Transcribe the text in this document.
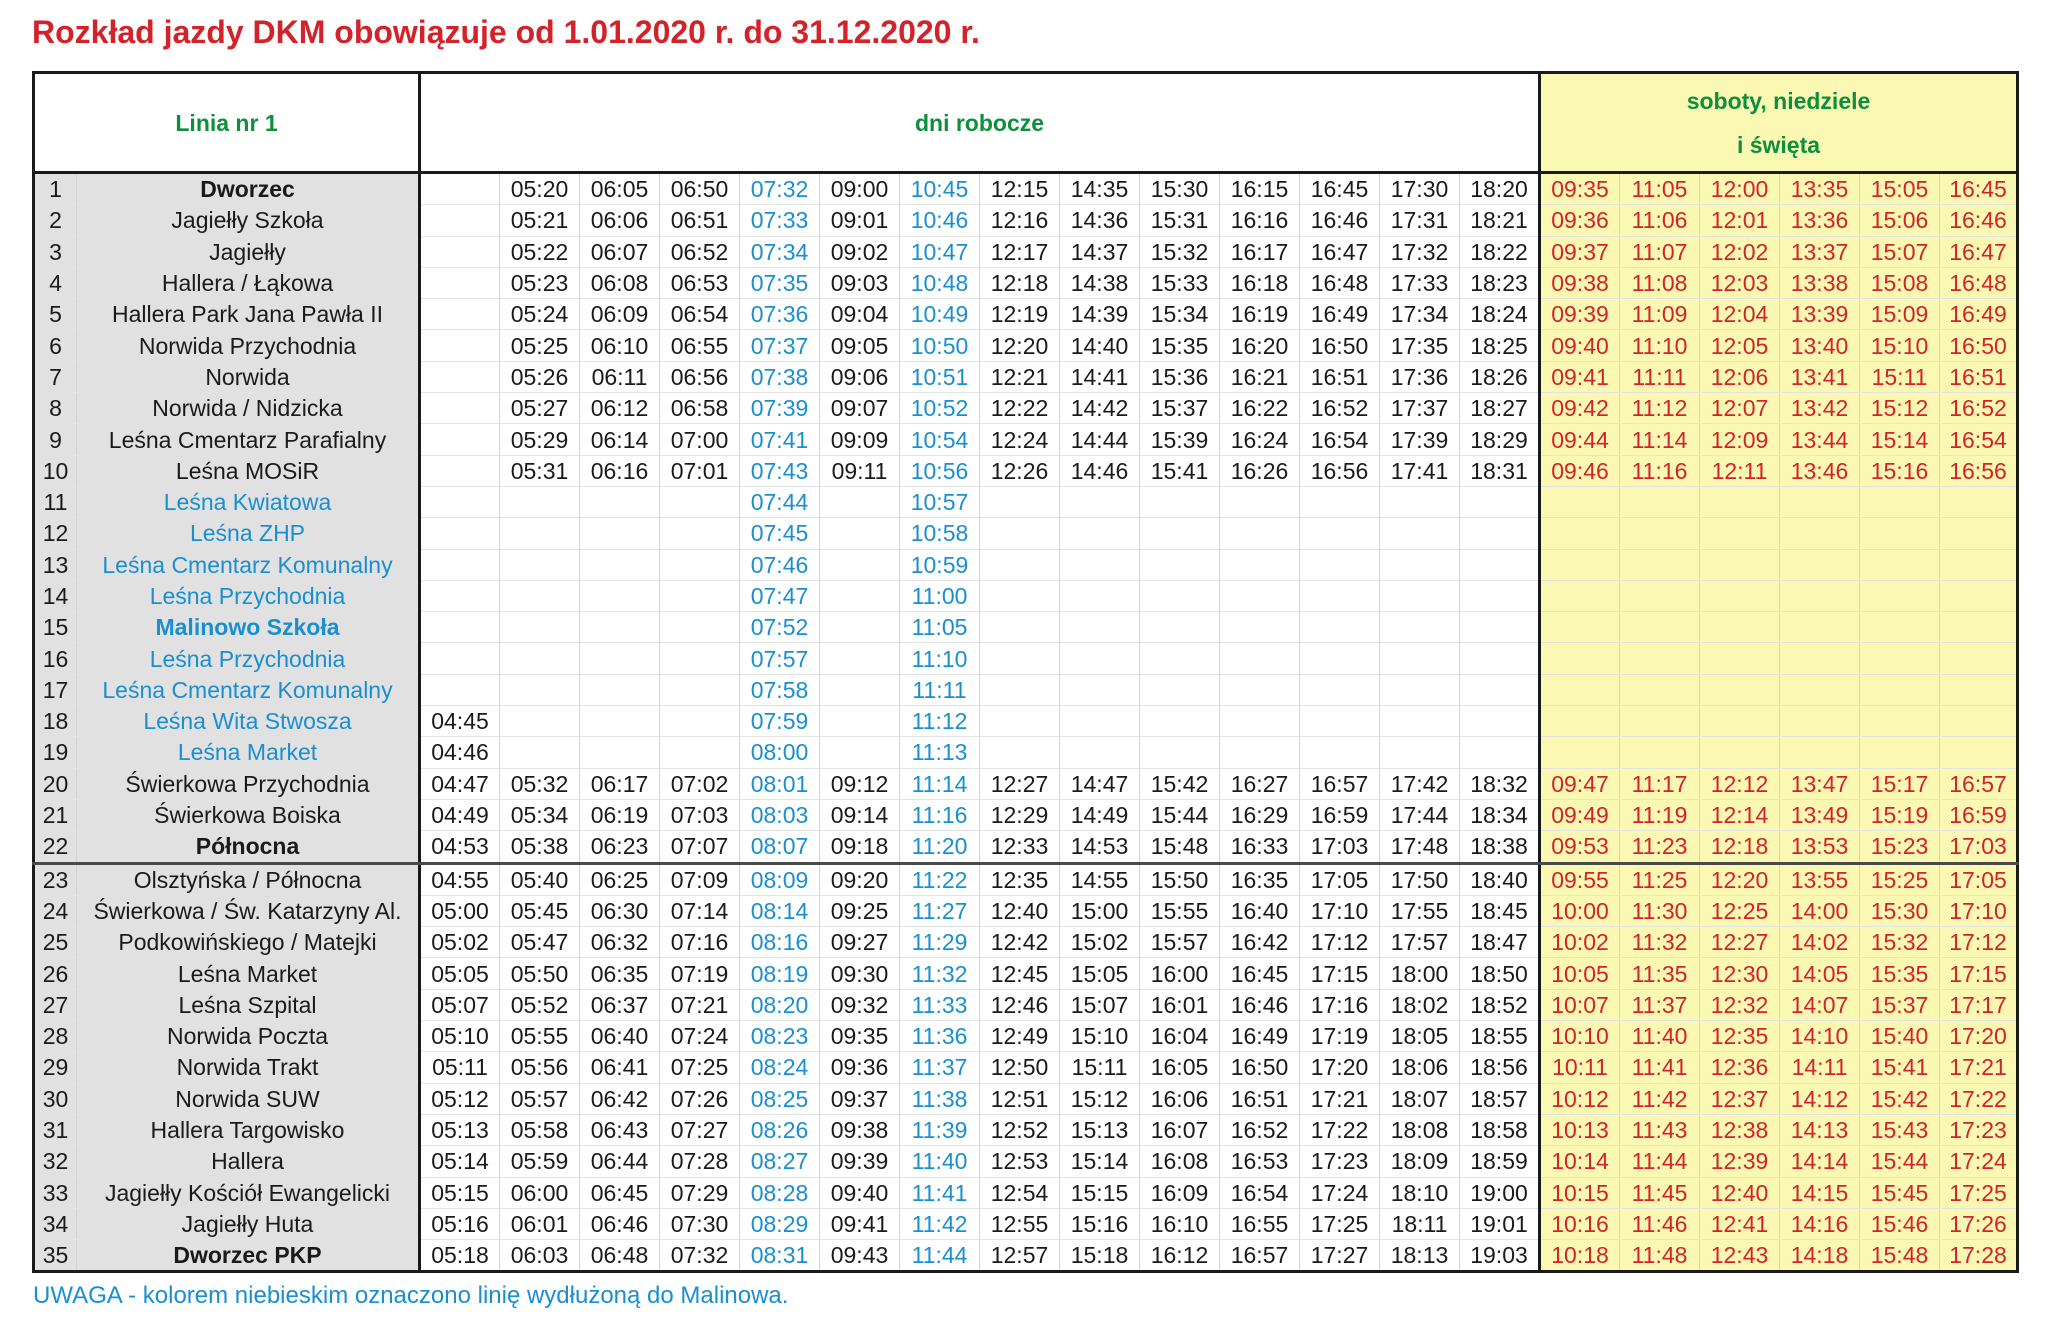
Rozkład jazdy DKM obowiązuje od 1.01.2020 r. do 31.12.2020 r.
Linia nr 1		dni robocze														soboty, niedziele
i święta					
1	Dworzec		05:20	06:05	06:50	07:32	09:00	10:45	12:15	14:35	15:30	16:15	16:45	17:30	18:20	09:35	11:05	12:00	13:35	15:05	16:45
2	Jagiełły Szkoła		05:21	06:06	06:51	07:33	09:01	10:46	12:16	14:36	15:31	16:16	16:46	17:31	18:21	09:36	11:06	12:01	13:36	15:06	16:46
3	Jagiełły		05:22	06:07	06:52	07:34	09:02	10:47	12:17	14:37	15:32	16:17	16:47	17:32	18:22	09:37	11:07	12:02	13:37	15:07	16:47
4	Hallera / Łąkowa		05:23	06:08	06:53	07:35	09:03	10:48	12:18	14:38	15:33	16:18	16:48	17:33	18:23	09:38	11:08	12:03	13:38	15:08	16:48
5	Hallera Park Jana Pawła II		05:24	06:09	06:54	07:36	09:04	10:49	12:19	14:39	15:34	16:19	16:49	17:34	18:24	09:39	11:09	12:04	13:39	15:09	16:49
6	Norwida Przychodnia		05:25	06:10	06:55	07:37	09:05	10:50	12:20	14:40	15:35	16:20	16:50	17:35	18:25	09:40	11:10	12:05	13:40	15:10	16:50
7	Norwida		05:26	06:11	06:56	07:38	09:06	10:51	12:21	14:41	15:36	16:21	16:51	17:36	18:26	09:41	11:11	12:06	13:41	15:11	16:51
8	Norwida / Nidzicka		05:27	06:12	06:58	07:39	09:07	10:52	12:22	14:42	15:37	16:22	16:52	17:37	18:27	09:42	11:12	12:07	13:42	15:12	16:52
9	Leśna Cmentarz Parafialny		05:29	06:14	07:00	07:41	09:09	10:54	12:24	14:44	15:39	16:24	16:54	17:39	18:29	09:44	11:14	12:09	13:44	15:14	16:54
10	Leśna MOSiR		05:31	06:16	07:01	07:43	09:11	10:56	12:26	14:46	15:41	16:26	16:56	17:41	18:31	09:46	11:16	12:11	13:46	15:16	16:56
11	Leśna Kwiatowa					07:44		10:57													
12	Leśna ZHP					07:45		10:58													
13	Leśna Cmentarz Komunalny					07:46		10:59													
14	Leśna Przychodnia					07:47		11:00													
15	Malinowo Szkoła					07:52		11:05													
16	Leśna Przychodnia					07:57		11:10													
17	Leśna Cmentarz Komunalny					07:58		11:11													
18	Leśna Wita Stwosza	04:45				07:59		11:12													
19	Leśna Market	04:46				08:00		11:13													
20	Świerkowa Przychodnia	04:47	05:32	06:17	07:02	08:01	09:12	11:14	12:27	14:47	15:42	16:27	16:57	17:42	18:32	09:47	11:17	12:12	13:47	15:17	16:57
21	Świerkowa Boiska	04:49	05:34	06:19	07:03	08:03	09:14	11:16	12:29	14:49	15:44	16:29	16:59	17:44	18:34	09:49	11:19	12:14	13:49	15:19	16:59
22	Północna	04:53	05:38	06:23	07:07	08:07	09:18	11:20	12:33	14:53	15:48	16:33	17:03	17:48	18:38	09:53	11:23	12:18	13:53	15:23	17:03
23	Olsztyńska / Północna	04:55	05:40	06:25	07:09	08:09	09:20	11:22	12:35	14:55	15:50	16:35	17:05	17:50	18:40	09:55	11:25	12:20	13:55	15:25	17:05
24	Świerkowa / Św. Katarzyny Al.	05:00	05:45	06:30	07:14	08:14	09:25	11:27	12:40	15:00	15:55	16:40	17:10	17:55	18:45	10:00	11:30	12:25	14:00	15:30	17:10
25	Podkowińskiego / Matejki	05:02	05:47	06:32	07:16	08:16	09:27	11:29	12:42	15:02	15:57	16:42	17:12	17:57	18:47	10:02	11:32	12:27	14:02	15:32	17:12
26	Leśna Market	05:05	05:50	06:35	07:19	08:19	09:30	11:32	12:45	15:05	16:00	16:45	17:15	18:00	18:50	10:05	11:35	12:30	14:05	15:35	17:15
27	Leśna Szpital	05:07	05:52	06:37	07:21	08:20	09:32	11:33	12:46	15:07	16:01	16:46	17:16	18:02	18:52	10:07	11:37	12:32	14:07	15:37	17:17
28	Norwida Poczta	05:10	05:55	06:40	07:24	08:23	09:35	11:36	12:49	15:10	16:04	16:49	17:19	18:05	18:55	10:10	11:40	12:35	14:10	15:40	17:20
29	Norwida Trakt	05:11	05:56	06:41	07:25	08:24	09:36	11:37	12:50	15:11	16:05	16:50	17:20	18:06	18:56	10:11	11:41	12:36	14:11	15:41	17:21
30	Norwida SUW	05:12	05:57	06:42	07:26	08:25	09:37	11:38	12:51	15:12	16:06	16:51	17:21	18:07	18:57	10:12	11:42	12:37	14:12	15:42	17:22
31	Hallera Targowisko	05:13	05:58	06:43	07:27	08:26	09:38	11:39	12:52	15:13	16:07	16:52	17:22	18:08	18:58	10:13	11:43	12:38	14:13	15:43	17:23
32	Hallera	05:14	05:59	06:44	07:28	08:27	09:39	11:40	12:53	15:14	16:08	16:53	17:23	18:09	18:59	10:14	11:44	12:39	14:14	15:44	17:24
33	Jagiełły Kościół Ewangelicki	05:15	06:00	06:45	07:29	08:28	09:40	11:41	12:54	15:15	16:09	16:54	17:24	18:10	19:00	10:15	11:45	12:40	14:15	15:45	17:25
34	Jagiełły Huta	05:16	06:01	06:46	07:30	08:29	09:41	11:42	12:55	15:16	16:10	16:55	17:25	18:11	19:01	10:16	11:46	12:41	14:16	15:46	17:26
35	Dworzec PKP	05:18	06:03	06:48	07:32	08:31	09:43	11:44	12:57	15:18	16:12	16:57	17:27	18:13	19:03	10:18	11:48	12:43	14:18	15:48	17:28
UWAGA - kolorem niebieskim oznaczono linię wydłużoną do Malinowa.
